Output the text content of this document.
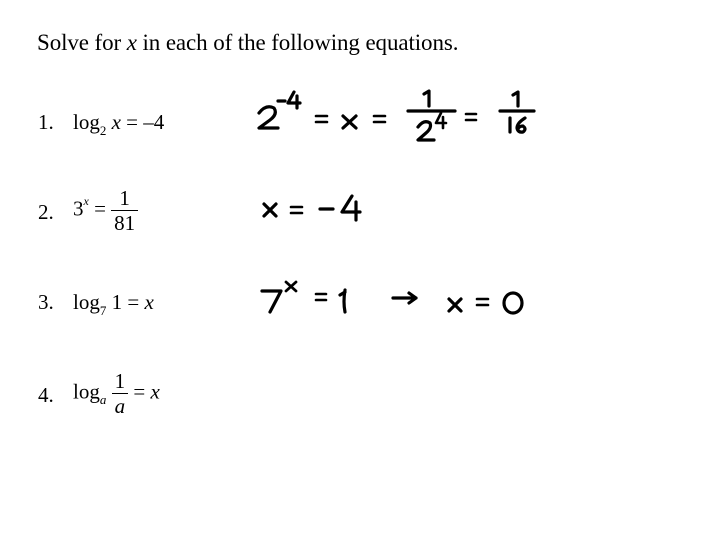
Solve for x in each of the following equations.
1. $\log_2 x = -4$
2. $3^x = \frac{1}{81}$
3. $\log_7 1 = x$
4. $\log_a \frac{1}{a} = x$
